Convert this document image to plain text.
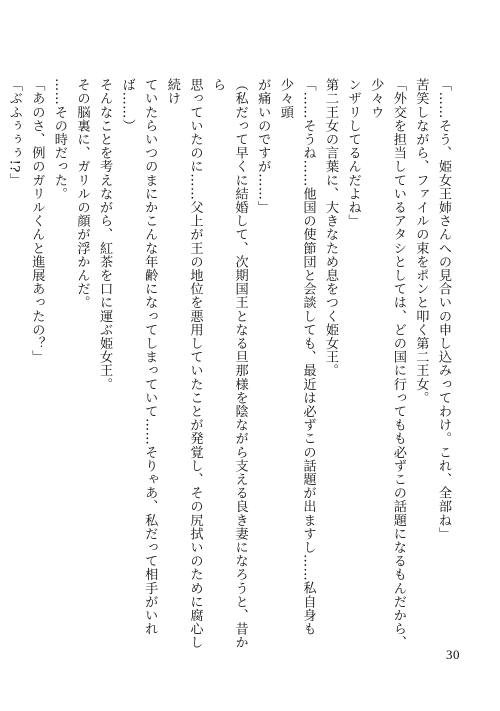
「……そう、姫女王姉さんへの見合いの申し込みってわけ。これ、全部ね」
苦笑しながら、ファイルの束をポンと叩く第二王女。
「外交を担当しているアタシとしては、どの国に行ってもも必ずこの話題になるもんだから、少々ウ
ンザリしてるんだよね」
第二王女の言葉に、大きなため息をつく姫女王。
「……そうね……他国の使節団と会談しても、最近は必ずこの話題が出ますし……私自身も少々頭
が痛いのですが……」
（私だって早くに結婚して、次期国王となる旦那様を陰ながら支える良き妻になろうと、昔から
思っていたのに……父上が王の地位を悪用していたことが発覚し、その尻拭いのために腐心し続け
ていたらいつのまにかこんな年齢になってしまっていて……そりゃあ、私だって相手がいれば……）
そんなことを考えながら、紅茶を口に運ぶ姫女王。
その脳裏に、ガリルの顔が浮かんだ。
……その時だった。
「あのさ、例のガリルくんと進展あったの？」
「ぶふぅぅぅ!?」
30
